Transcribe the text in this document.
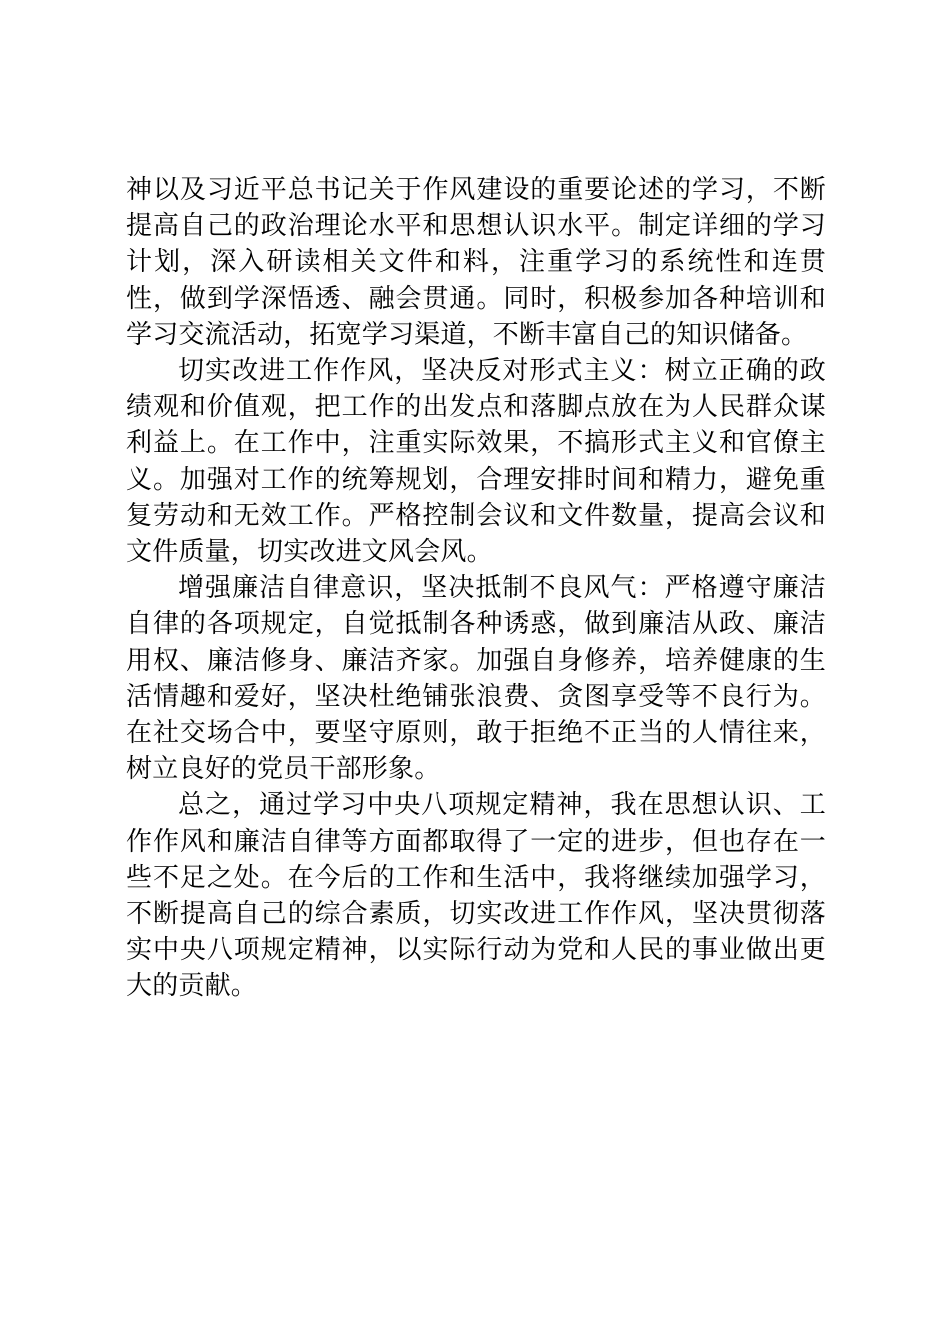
神以及习近平总书记关于作风建设的重要论述的学习，不断提高自己的政治理论水平和思想认识水平。制定详细的学习计划，深入研读相关文件和料，注重学习的系统性和连贯性，做到学深悟透、融会贯通。同时，积极参加各种培训和学习交流活动，拓宽学习渠道，不断丰富自己的知识储备。

切实改进工作作风，坚决反对形式主义：树立正确的政绩观和价值观，把工作的出发点和落脚点放在为人民群众谋利益上。在工作中，注重实际效果，不搞形式主义和官僚主义。加强对工作的统筹规划，合理安排时间和精力，避免重复劳动和无效工作。严格控制会议和文件数量，提高会议和文件质量，切实改进文风会风。

增强廉洁自律意识，坚决抵制不良风气：严格遵守廉洁自律的各项规定，自觉抵制各种诱惑，做到廉洁从政、廉洁用权、廉洁修身、廉洁齐家。加强自身修养，培养健康的生活情趣和爱好，坚决杜绝铺张浪费、贪图享受等不良行为。在社交场合中，要坚守原则，敢于拒绝不正当的人情往来，树立良好的党员干部形象。

总之，通过学习中央八项规定精神，我在思想认识、工作作风和廉洁自律等方面都取得了一定的进步，但也存在一些不足之处。在今后的工作和生活中，我将继续加强学习，不断提高自己的综合素质，切实改进工作作风，坚决贯彻落实中央八项规定精神，以实际行动为党和人民的事业做出更大的贡献。
